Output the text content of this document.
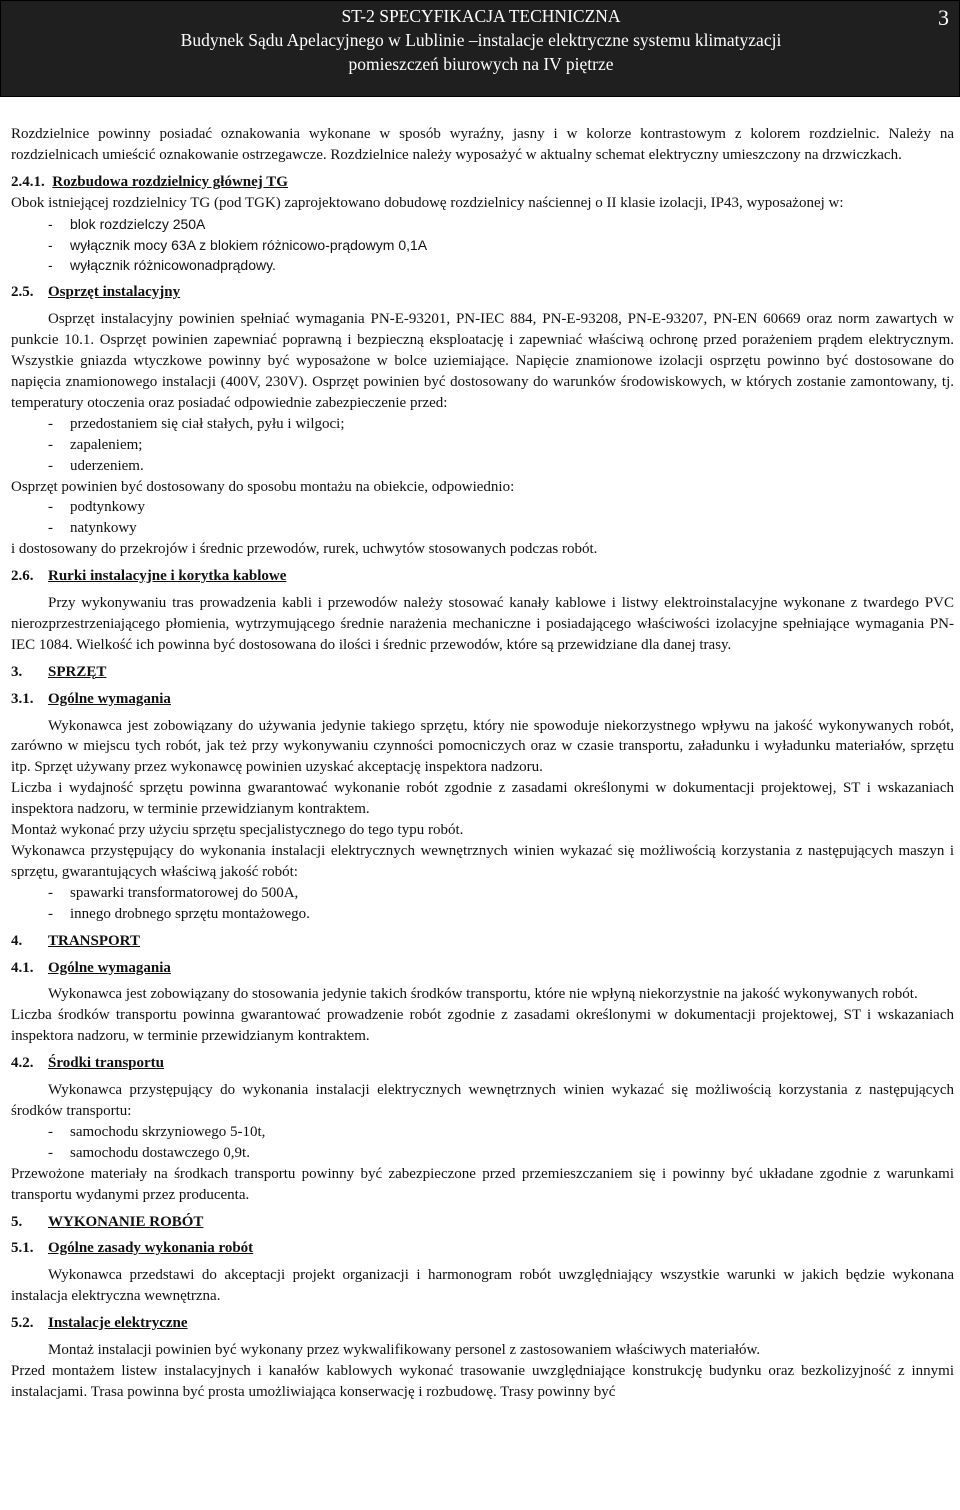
ST-2 SPECYFIKACJA TECHNICZNA
Budynek Sądu Apelacyjnego w Lublinie –instalacje elektryczne systemu klimatyzacji
pomieszczeń biurowych na IV piętrze
3

Rozdzielnice powinny posiadać oznakowania wykonane w sposób wyraźny, jasny i w kolorze kontrastowym z kolorem rozdzielnic. Należy na rozdzielnicach umieścić oznakowanie ostrzegawcze. Rozdzielnice należy wyposażyć w aktualny schemat elektryczny umieszczony na drzwiczkach.

2.4.1. Rozbudowa rozdzielnicy głównej TG

Obok istniejącej rozdzielnicy TG (pod TGK) zaprojektowano dobudowę rozdzielnicy naściennej o II klasie izolacji, IP43, wyposażonej w:

- blok rozdzielczy 250A
- wyłącznik mocy 63A z blokiem różnicowo-prądowym 0,1A
- wyłącznik różnicowonadprądowy.

2.5. Osprzęt instalacyjny

Osprzęt instalacyjny powinien spełniać wymagania PN-E-93201, PN-IEC 884, PN-E-93208, PN-E-93207, PN-EN 60669 oraz norm zawartych w punkcie 10.1. Osprzęt powinien zapewniać poprawną i bezpieczną eksploatację i zapewniać właściwą ochronę przed porażeniem prądem elektrycznym. Wszystkie gniazda wtyczkowe powinny być wyposażone w bolce uziemiające. Napięcie znamionowe izolacji osprzętu powinno być dostosowane do napięcia znamionowego instalacji (400V, 230V). Osprzęt powinien być dostosowany do warunków środowiskowych, w których zostanie zamontowany, tj. temperatury otoczenia oraz posiadać odpowiednie zabezpieczenie przed:

- przedostaniem się ciał stałych, pyłu i wilgoci;
- zapaleniem;
- uderzeniem.

Osprzęt powinien być dostosowany do sposobu montażu na obiekcie, odpowiednio:

- podtynkowy
- natynkowy

i dostosowany do przekrojów i średnic przewodów, rurek, uchwytów stosowanych podczas robót.

2.6. Rurki instalacyjne i korytka kablowe

Przy wykonywaniu tras prowadzenia kabli i przewodów należy stosować kanały kablowe i listwy elektroinstalacyjne wykonane z twardego PVC nierozprzestrzeniającego płomienia, wytrzymującego średnie narażenia mechaniczne i posiadającego właściwości izolacyjne spełniające wymagania PN-IEC 1084. Wielkość ich powinna być dostosowana do ilości i średnic przewodów, które są przewidziane dla danej trasy.

3. SPRZĘT

3.1. Ogólne wymagania

Wykonawca jest zobowiązany do używania jedynie takiego sprzętu, który nie spowoduje niekorzystnego wpływu na jakość wykonywanych robót, zarówno w miejscu tych robót, jak też przy wykonywaniu czynności pomocniczych oraz w czasie transportu, załadunku i wyładunku materiałów, sprzętu itp. Sprzęt używany przez wykonawcę powinien uzyskać akceptację inspektora nadzoru.

Liczba i wydajność sprzętu powinna gwarantować wykonanie robót zgodnie z zasadami określonymi w dokumentacji projektowej, ST i wskazaniach inspektora nadzoru, w terminie przewidzianym kontraktem.

Montaż wykonać przy użyciu sprzętu specjalistycznego do tego typu robót.

Wykonawca przystępujący do wykonania instalacji elektrycznych wewnętrznych winien wykazać się możliwością korzystania z następujących maszyn i sprzętu, gwarantujących właściwą jakość robót:

- spawarki transformatorowej do 500A,
- innego drobnego sprzętu montażowego.

4. TRANSPORT

4.1. Ogólne wymagania

Wykonawca jest zobowiązany do stosowania jedynie takich środków transportu, które nie wpłyną niekorzystnie na jakość wykonywanych robót.

Liczba środków transportu powinna gwarantować prowadzenie robót zgodnie z zasadami określonymi w dokumentacji projektowej, ST i wskazaniach inspektora nadzoru, w terminie przewidzianym kontraktem.

4.2. Środki transportu

Wykonawca przystępujący do wykonania instalacji elektrycznych wewnętrznych winien wykazać się możliwością korzystania z następujących środków transportu:

- samochodu skrzyniowego 5-10t,
- samochodu dostawczego 0,9t.

Przewożone materiały na środkach transportu powinny być zabezpieczone przed przemieszczaniem się i powinny być układane zgodnie z warunkami transportu wydanymi przez producenta.

5. WYKONANIE ROBÓT

5.1. Ogólne zasady wykonania robót

Wykonawca przedstawi do akceptacji projekt organizacji i harmonogram robót uwzględniający wszystkie warunki w jakich będzie wykonana instalacja elektryczna wewnętrzna.

5.2. Instalacje elektryczne

Montaż instalacji powinien być wykonany przez wykwalifikowany personel z zastosowaniem właściwych materiałów.

Przed montażem listew instalacyjnych i kanałów kablowych wykonać trasowanie uwzględniające konstrukcję budynku oraz bezkolizyjność z innymi instalacjami. Trasa powinna być prosta umożliwiająca konserwację i rozbudowę. Trasy powinny być
